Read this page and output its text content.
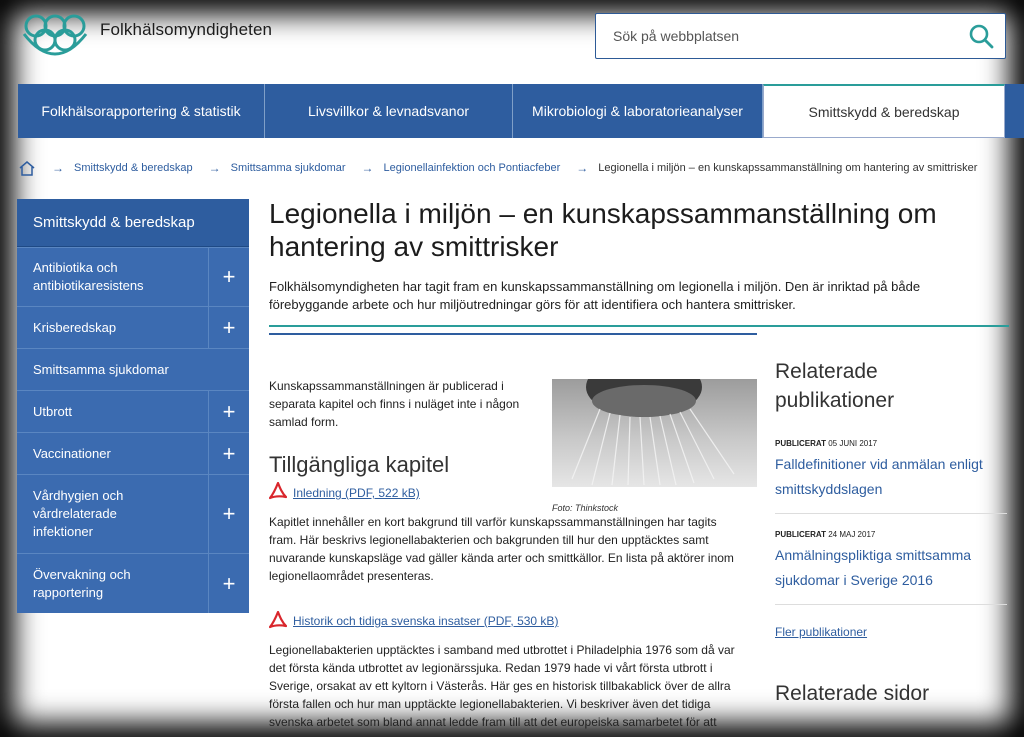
Folkhälsomyndigheten
Sök på webbplatsen
Folkhälsorapportering & statistik	Livsvillkor & levnadsvanor	Mikrobiologi & laboratorieanalyser	Smittskydd & beredskap
→ Smittskydd & beredskap → Smittsamma sjukdomar → Legionellainfektion och Pontiacfeber → Legionella i miljön – en kunskapssammanställning om hantering av smittrisker
Smittskydd & beredskap
Antibiotika och antibiotikaresistens	+
Krisberedskap	+
Smittsamma sjukdomar
Utbrott	+
Vaccinationer	+
Vårdhygien och vårdrelaterade infektioner
+
Övervakning och rapportering	+
Legionella i miljön – en kunskapssammanställning om hantering av smittrisker
Folkhälsomyndigheten har tagit fram en kunskapssammanställning om legionella i miljön. Den är inriktad på både förebyggande arbete och hur miljöutredningar görs för att identifiera och hantera smittrisker.
Kunskapssammanställningen är publicerad i separata kapitel och finns i nuläget inte i någon samlad form.
Foto: Thinkstock
Tillgängliga kapitel
Inledning (PDF, 522 kB)
Kapitlet innehåller en kort bakgrund till varför kunskapssammanställningen har tagits fram. Här beskrivs legionellabakterien och bakgrunden till hur den upptäcktes samt nuvarande kunskapsläge vad gäller kända arter och smittkällor. En lista på aktörer inom legionellaområdet presenteras.
Historik och tidiga svenska insatser (PDF, 530 kB)
Legionellabakterien upptäcktes i samband med utbrottet i Philadelphia 1976 som då var det första kända utbrottet av legionärssjuka. Redan 1979 hade vi vårt första utbrott i Sverige, orsakat av ett kyltorn i Västerås. Här ges en historisk tillbakablick över de allra första fallen och hur man upptäckte legionellabakterien. Vi beskriver även det tidiga svenska arbetet som bland annat ledde fram till att det europeiska samarbetet för att
Relaterade publikationer
PUBLICERAT 05 JUNI 2017
Falldefinitioner vid anmälan enligt smittskyddslagen
PUBLICERAT 24 MAJ 2017
Anmälningspliktiga smittsamma sjukdomar i Sverige 2016
Fler publikationer
Relaterade sidor
